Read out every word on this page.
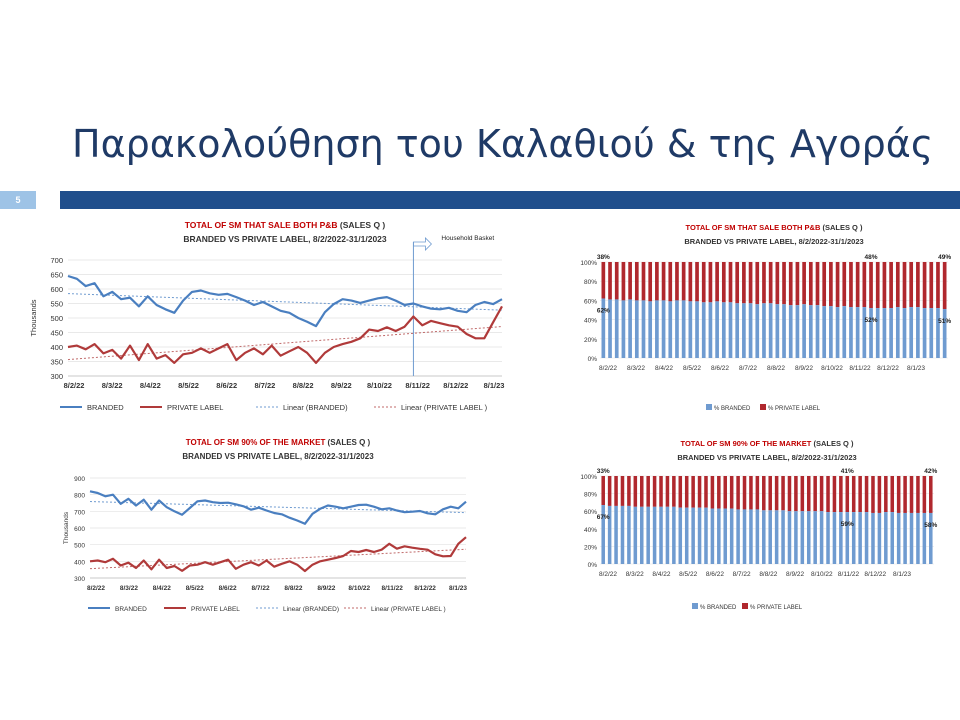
Παρακολούθηση του Καλαθιού & της Αγοράς
5
TOTAL OF SM THAT SALE BOTH P&B (SALES Q )
BRANDED VS PRIVATE LABEL, 8/2/2022-31/1/2023
300
350
400
450
500
550
600
650
700
Thousands
8/2/22 8/3/22 8/4/22 8/5/22 8/6/22 8/7/22 8/8/22 8/9/22 8/10/22 8/11/22 8/12/22 8/1/23
Household Basket
BRANDED	PRIVATE LABEL	Linear (BRANDED)	Linear (PRIVATE LABEL )
TOTAL OF SM THAT SALE BOTH P&B (SALES Q )
BRANDED VS PRIVATE LABEL, 8/2/2022-31/1/2023
0%
20%
40%
60%
80%
100%
38%
62%
48%
52%
49%
51%
8/2/22 8/3/22 8/4/22 8/5/22 8/6/22 8/7/22 8/8/22 8/9/22 8/10/22 8/11/22 8/12/22 8/1/23
% BRANDED	% PRIVATE LABEL
TOTAL OF SM 90% OF THE MARKET (SALES Q )
BRANDED VS PRIVATE LABEL, 8/2/2022-31/1/2023
300
400
500
600
700
800
900
Thousands
8/2/22 8/3/22 8/4/22 8/5/22 8/6/22 8/7/22 8/8/22 8/9/22 8/10/22 8/11/22 8/12/22 8/1/23
BRANDED	PRIVATE LABEL	Linear (BRANDED)	Linear (PRIVATE LABEL )
TOTAL OF SM 90% OF THE MARKET (SALES Q )
BRANDED VS PRIVATE LABEL, 8/2/2022-31/1/2023
0%
20%
40%
60%
80%
100%
33%
67%
41%
59%
42%
58%
8/2/22 8/3/22 8/4/22 8/5/22 8/6/22 8/7/22 8/8/22 8/9/22 8/10/22 8/11/22 8/12/22 8/1/23
% BRANDED % PRIVATE LABEL
